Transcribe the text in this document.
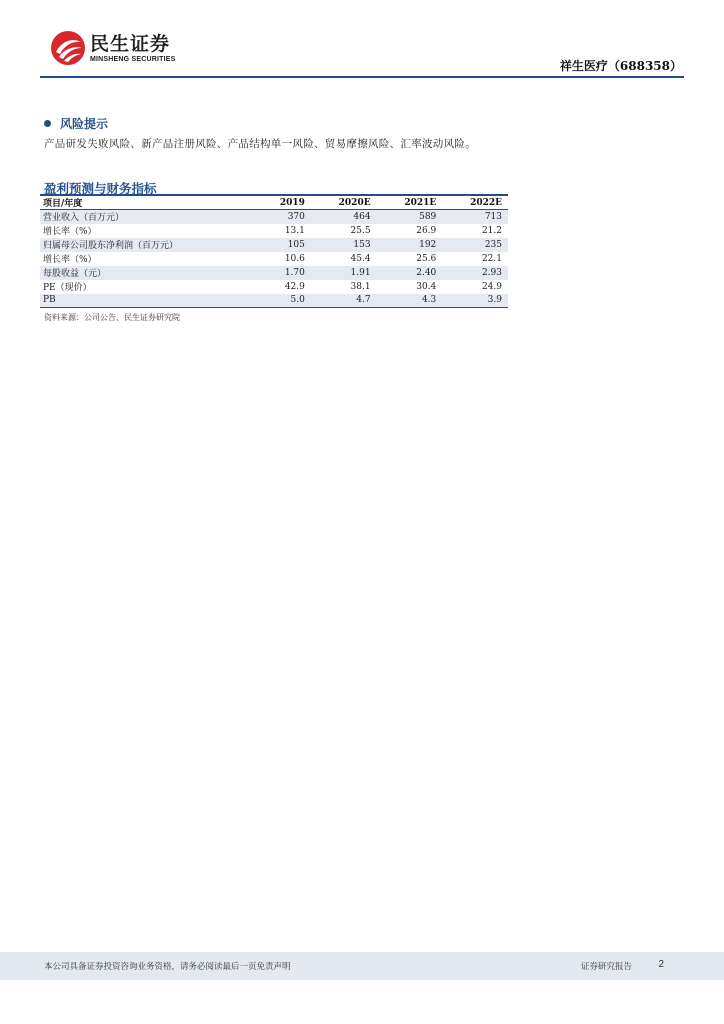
民生证券
MINSHENG SECURITIES	祥生医疗（688358）
风险提示
产品研发失败风险、新产品注册风险、产品结构单一风险、贸易摩擦风险、汇率波动风险。
盈利预测与财务指标
项目/年度	2019	2020E	2021E	2022E
营业收入（百万元）	370	464	589	713
增长率（%）	13.1	25.5	26.9	21.2
归属母公司股东净利润（百万元）	105	153	192	235
增长率（%）	10.6	45.4	25.6	22.1
每股收益（元）	1.70	1.91	2.40	2.93
PE（现价）	42.9	38.1	30.4	24.9
PB	5.0	4.7	4.3	3.9
资料来源：公司公告、民生证券研究院
本公司具备证券投资咨询业务资格，请务必阅读最后一页免责声明	证券研究报告	2
